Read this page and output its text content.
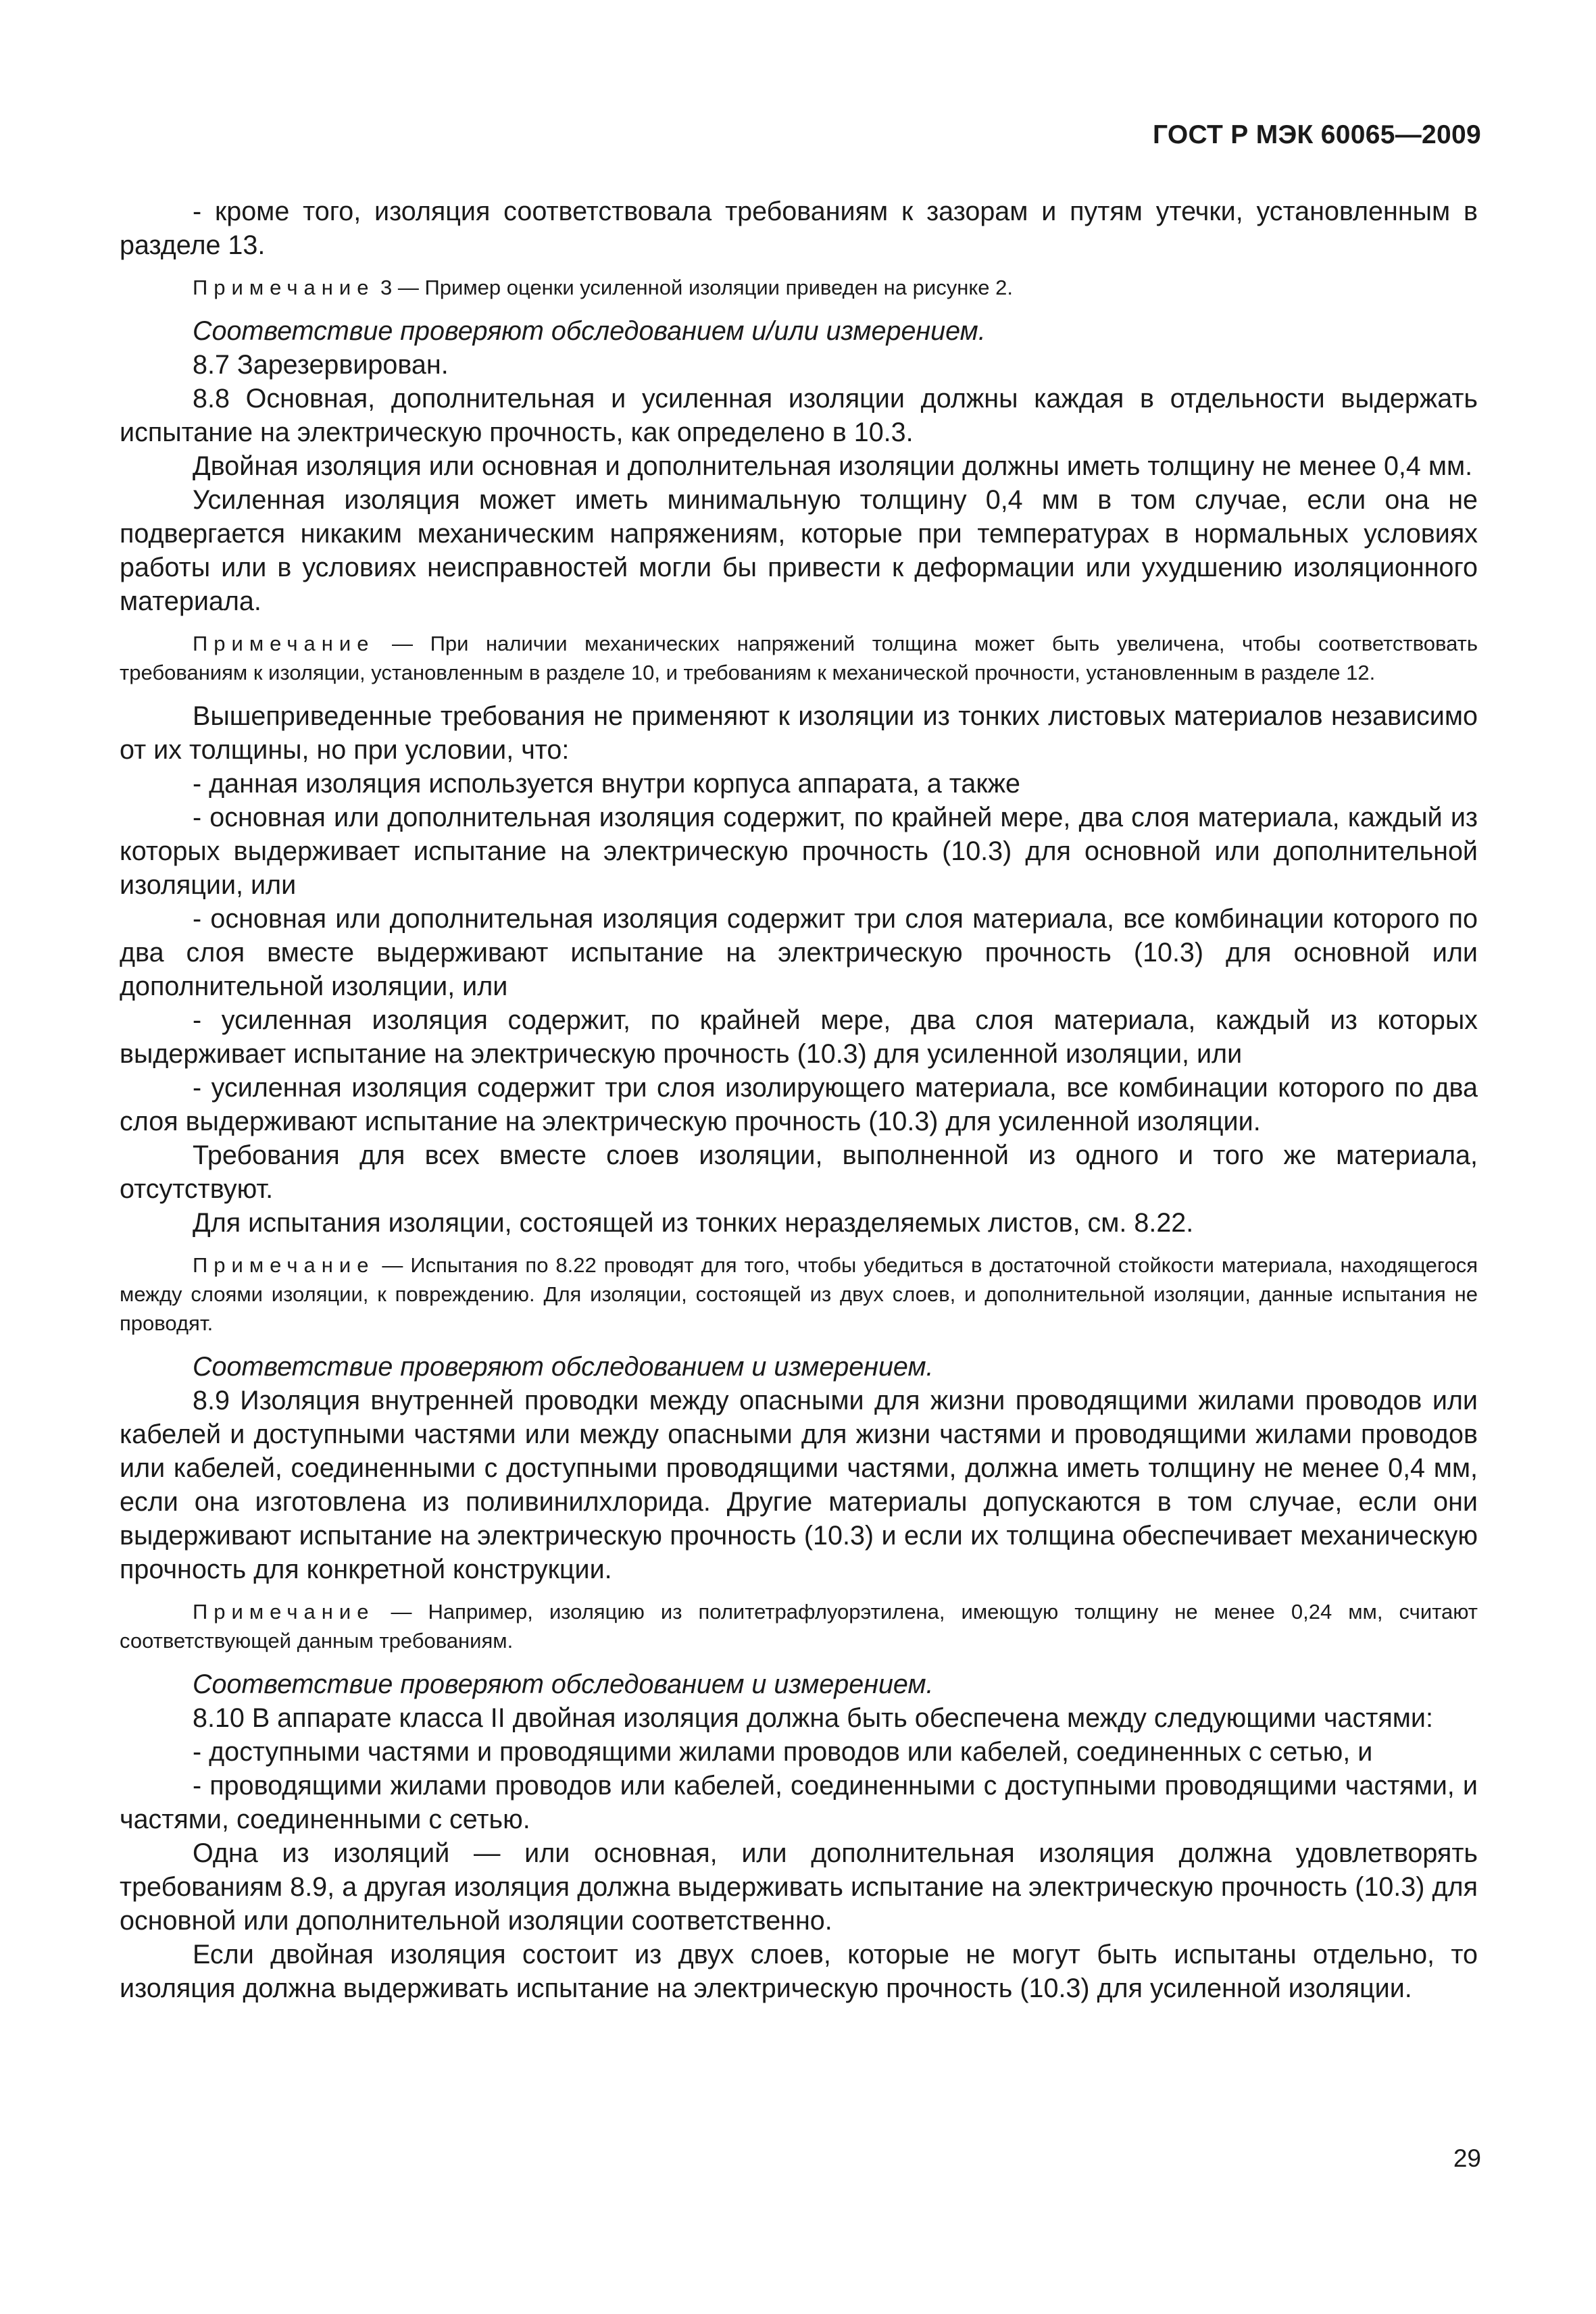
ГОСТ Р МЭК 60065—2009

- кроме того, изоляция соответствовала требованиям к зазорам и путям утечки, установленным в разделе 13.

Примечание 3 — Пример оценки усиленной изоляции приведен на рисунке 2.

Соответствие проверяют обследованием и/или измерением.

8.7 Зарезервирован.

8.8 Основная, дополнительная и усиленная изоляции должны каждая в отдельности выдержать испытание на электрическую прочность, как определено в 10.3.

Двойная изоляция или основная и дополнительная изоляции должны иметь толщину не менее 0,4 мм.

Усиленная изоляция может иметь минимальную толщину 0,4 мм в том случае, если она не подвергается никаким механическим напряжениям, которые при температурах в нормальных условиях работы или в условиях неисправностей могли бы привести к деформации или ухудшению изоляционного материала.

Примечание — При наличии механических напряжений толщина может быть увеличена, чтобы соответствовать требованиям к изоляции, установленным в разделе 10, и требованиям к механической прочности, установленным в разделе 12.

Вышеприведенные требования не применяют к изоляции из тонких листовых материалов независимо от их толщины, но при условии, что:

- данная изоляция используется внутри корпуса аппарата, а также

- основная или дополнительная изоляция содержит, по крайней мере, два слоя материала, каждый из которых выдерживает испытание на электрическую прочность (10.3) для основной или дополнительной изоляции, или

- основная или дополнительная изоляция содержит три слоя материала, все комбинации которого по два слоя вместе выдерживают испытание на электрическую прочность (10.3) для основной или дополнительной изоляции, или

- усиленная изоляция содержит, по крайней мере, два слоя материала, каждый из которых выдерживает испытание на электрическую прочность (10.3) для усиленной изоляции, или

- усиленная изоляция содержит три слоя изолирующего материала, все комбинации которого по два слоя выдерживают испытание на электрическую прочность (10.3) для усиленной изоляции.

Требования для всех вместе слоев изоляции, выполненной из одного и того же материала, отсутствуют.

Для испытания изоляции, состоящей из тонких неразделяемых листов, см. 8.22.

Примечание — Испытания по 8.22 проводят для того, чтобы убедиться в достаточной стойкости материала, находящегося между слоями изоляции, к повреждению. Для изоляции, состоящей из двух слоев, и дополнительной изоляции, данные испытания не проводят.

Соответствие проверяют обследованием и измерением.

8.9 Изоляция внутренней проводки между опасными для жизни проводящими жилами проводов или кабелей и доступными частями или между опасными для жизни частями и проводящими жилами проводов или кабелей, соединенными с доступными проводящими частями, должна иметь толщину не менее 0,4 мм, если она изготовлена из поливинилхлорида. Другие материалы допускаются в том случае, если они выдерживают испытание на электрическую прочность (10.3) и если их толщина обеспечивает механическую прочность для конкретной конструкции.

Примечание — Например, изоляцию из политетрафлуорэтилена, имеющую толщину не менее 0,24 мм, считают соответствующей данным требованиям.

Соответствие проверяют обследованием и измерением.

8.10 В аппарате класса II двойная изоляция должна быть обеспечена между следующими частями:

- доступными частями и проводящими жилами проводов или кабелей, соединенных с сетью, и

- проводящими жилами проводов или кабелей, соединенными с доступными проводящими частями, и частями, соединенными с сетью.

Одна из изоляций — или основная, или дополнительная изоляция должна удовлетворять требованиям 8.9, а другая изоляция должна выдерживать испытание на электрическую прочность (10.3) для основной или дополнительной изоляции соответственно.

Если двойная изоляция состоит из двух слоев, которые не могут быть испытаны отдельно, то изоляция должна выдерживать испытание на электрическую прочность (10.3) для усиленной изоляции.

29
